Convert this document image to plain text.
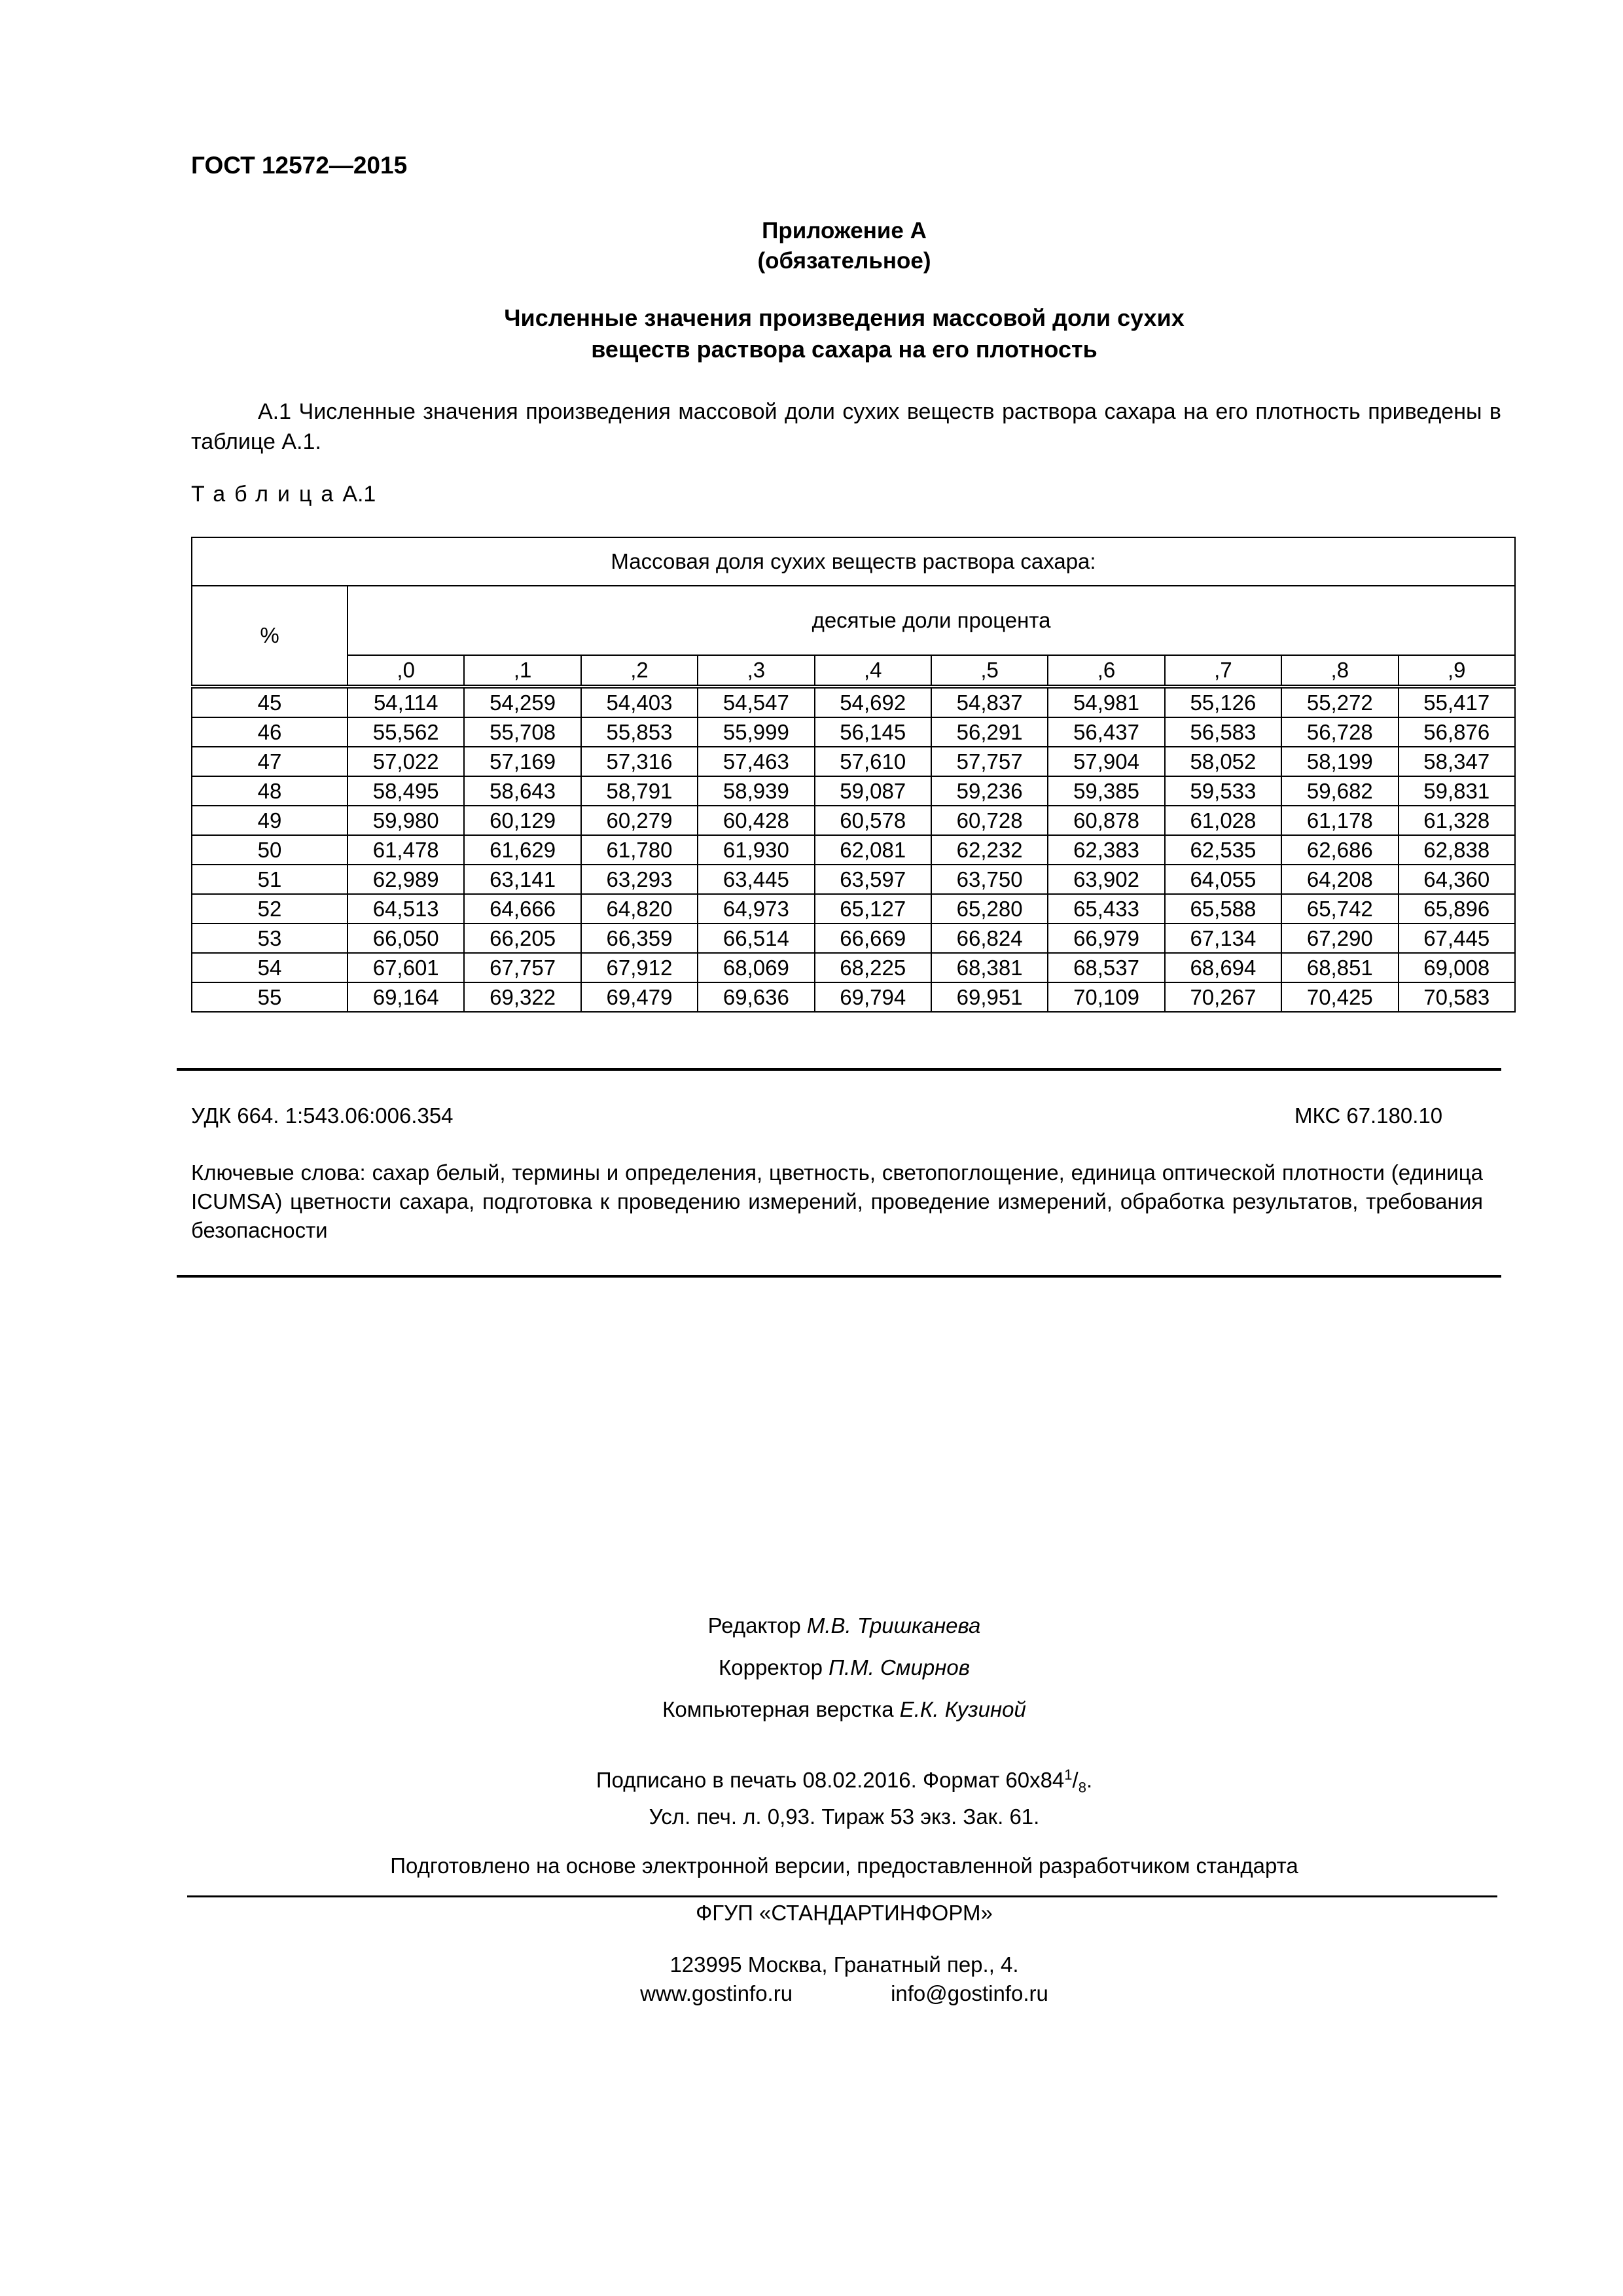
ГОСТ 12572—2015
Приложение А
(обязательное)
Численные значения произведения массовой доли сухих
веществ раствора сахара на его плотность
А.1 Численные значения произведения массовой доли сухих веществ раствора сахара на его плотность приведены в таблице А.1.
ТаблицаА.1
Массовая доля сухих веществ раствора сахара:										
%	десятые доли процента									
	,0	,1	,2	,3	,4	,5	,6	,7	,8	,9
45	54,114	54,259	54,403	54,547	54,692	54,837	54,981	55,126	55,272	55,417
46	55,562	55,708	55,853	55,999	56,145	56,291	56,437	56,583	56,728	56,876
47	57,022	57,169	57,316	57,463	57,610	57,757	57,904	58,052	58,199	58,347
48	58,495	58,643	58,791	58,939	59,087	59,236	59,385	59,533	59,682	59,831
49	59,980	60,129	60,279	60,428	60,578	60,728	60,878	61,028	61,178	61,328
50	61,478	61,629	61,780	61,930	62,081	62,232	62,383	62,535	62,686	62,838
51	62,989	63,141	63,293	63,445	63,597	63,750	63,902	64,055	64,208	64,360
52	64,513	64,666	64,820	64,973	65,127	65,280	65,433	65,588	65,742	65,896
53	66,050	66,205	66,359	66,514	66,669	66,824	66,979	67,134	67,290	67,445
54	67,601	67,757	67,912	68,069	68,225	68,381	68,537	68,694	68,851	69,008
55	69,164	69,322	69,479	69,636	69,794	69,951	70,109	70,267	70,425	70,583
УДК 664. 1:543.06:006.354	МКС 67.180.10
Ключевые слова: сахар белый, термины и определения, цветность, светопоглощение, единица оптической плотности (единица ICUMSA) цветности сахара, подготовка к проведению измерений, проведение измерений, обработка результатов, требования безопасности
Редактор М.В. Тришканева
Корректор П.М. Смирнов
Компьютерная верстка Е.К. Кузиной
Подписано в печать 08.02.2016. Формат $60х84^1/_8$.
Усл. печ. л. 0,93. Тираж 53 экз. Зак. 61.
Подготовлено на основе электронной версии, предоставленной разработчиком стандарта
ФГУП «СТАНДАРТИНФОРМ»
123995 Москва, Гранатный пер., 4.
www.gostinfo.ru	info@gostinfo.ru
